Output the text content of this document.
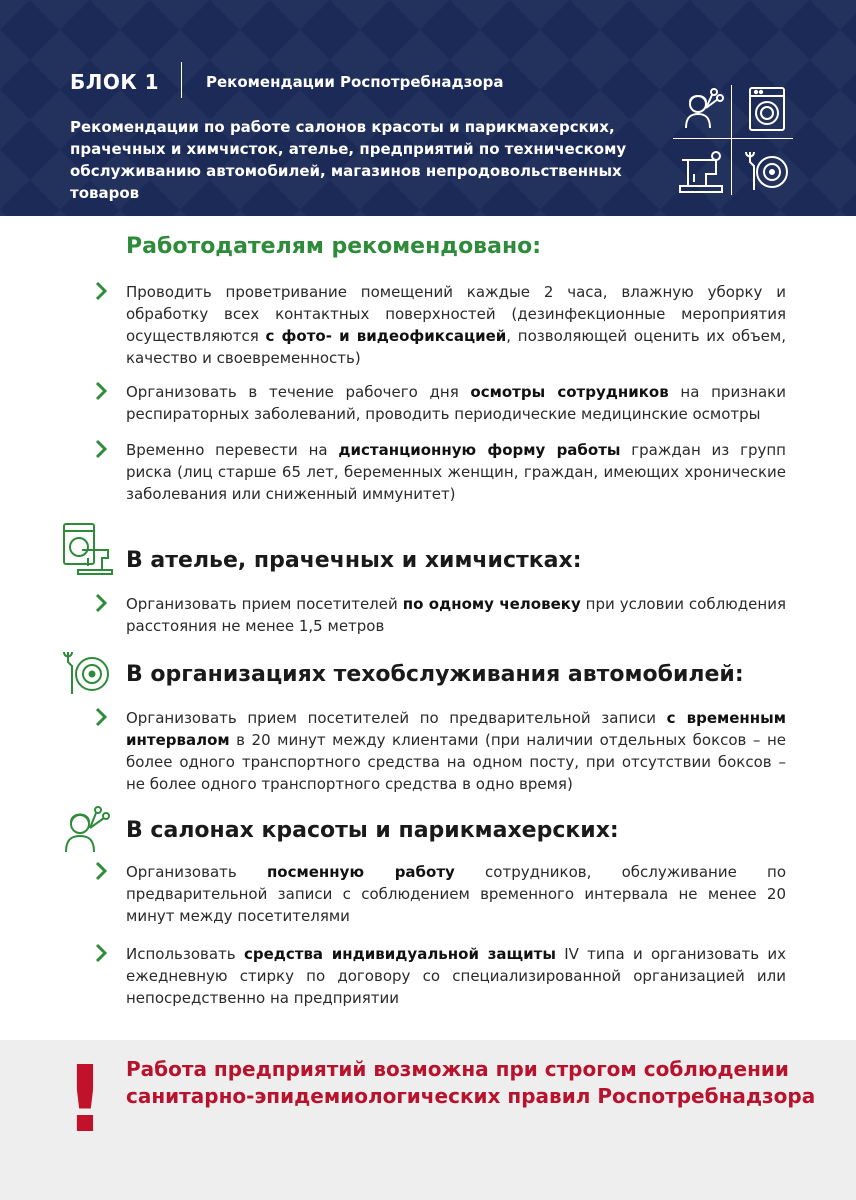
БЛОК 1	Рекомендации Роспотребнадзора
Рекомендации по работе салонов красоты и парикмахерских, прачечных и химчисток, ателье, предприятий по техническому обслуживанию автомобилей, магазинов непродовольственных товаров
Работодателям рекомендовано:
Проводить проветривание помещений каждые 2 часа, влажную уборку и обработку всех контактных поверхностей (дезинфекционные мероприятия осуществляются с фото- и видеофиксацией, позволяющей оценить их объем, качество и своевременность)
Организовать в течение рабочего дня осмотры сотрудников на признаки респираторных заболеваний, проводить периодические медицинские осмотры
Временно перевести на дистанционную форму работы граждан из групп риска (лиц старше 65 лет, беременных женщин, граждан, имеющих хронические заболевания или сниженный иммунитет)
В ателье, прачечных и химчистках:
Организовать прием посетителей по одному человеку при условии соблюдения расстояния не менее 1,5 метров
В организациях техобслуживания автомобилей:
Организовать прием посетителей по предварительной записи с временным интервалом в 20 минут между клиентами (при наличии отдельных боксов – не более одного транспортного средства на одном посту, при отсутствии боксов – не более одного транспортного средства в одно время)
В салонах красоты и парикмахерских:
Организовать посменную работу сотрудников, обслуживание по предварительной записи с соблюдением временного интервала не менее 20 минут между посетителями
Использовать средства индивидуальной защиты IV типа и организовать их ежедневную стирку по договору со специализированной организацией или непосредственно на предприятии
! Работа предприятий возможна при строгом соблюдении санитарно-эпидемиологических правил Роспотребнадзора
